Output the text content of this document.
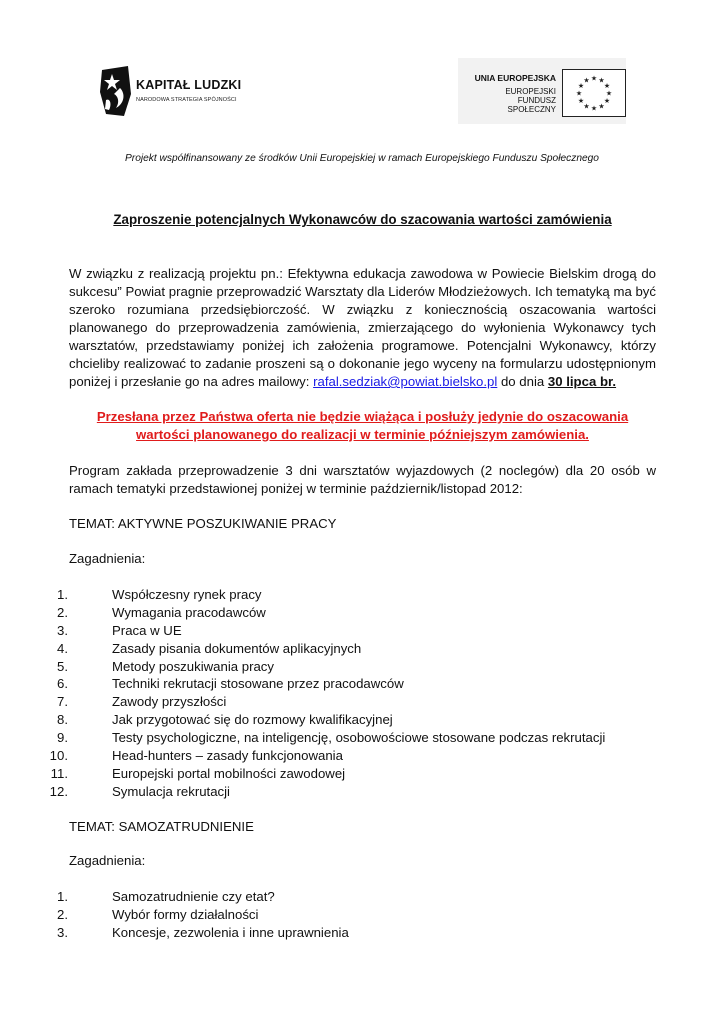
KAPITAŁ LUDZKI
NARODOWA STRATEGIA SPÓJNOŚCI
UNIA EUROPEJSKA
EUROPEJSKI
FUNDUSZ
SPOŁECZNY
★ ★
★
★
★
★
★
★
★
★
★
★
Projekt współfinansowany ze środków Unii Europejskiej w ramach Europejskiego Funduszu Społecznego
Zaproszenie potencjalnych Wykonawców do szacowania wartości zamówienia
W związku z realizacją projektu pn.: Efektywna edukacja zawodowa w Powiecie Bielskim drogą do sukcesu” Powiat pragnie przeprowadzić Warsztaty dla Liderów Młodzieżowych. Ich tematyką ma być szeroko rozumiana przedsiębiorczość. W związku z koniecznością oszacowania wartości planowanego do przeprowadzenia zamówienia, zmierzającego do wyłonienia Wykonawcy tych warsztatów, przedstawiamy poniżej ich założenia programowe. Potencjalni Wykonawcy, którzy chcieliby realizować to zadanie proszeni są o dokonanie jego wyceny na formularzu udostępnionym poniżej i przesłanie go na adres mailowy: rafal.sedziak@powiat.bielsko.pl do dnia 30 lipca br.
Przesłana przez Państwa oferta nie będzie wiążąca i posłuży jedynie do oszacowania wartości planowanego do realizacji w terminie późniejszym zamówienia.
Program zakłada przeprowadzenie 3 dni warsztatów wyjazdowych (2 noclegów) dla 20 osób w ramach tematyki przedstawionej poniżej w terminie październik/listopad 2012:
TEMAT: AKTYWNE POSZUKIWANIE PRACY
Zagadnienia:
1.	Współczesny rynek pracy
2.	Wymagania pracodawców
3.	Praca w UE
4.	Zasady pisania dokumentów aplikacyjnych
5.	Metody poszukiwania pracy
6.	Techniki rekrutacji stosowane przez pracodawców
7.	Zawody przyszłości
8.	Jak przygotować się do rozmowy kwalifikacyjnej
9.	Testy psychologiczne, na inteligencję, osobowościowe stosowane podczas rekrutacji
10.	Head-hunters – zasady funkcjonowania
11.	Europejski portal mobilności zawodowej
12.	Symulacja rekrutacji
TEMAT: SAMOZATRUDNIENIE
Zagadnienia:
1.	Samozatrudnienie czy etat?
2.	Wybór formy działalności
3.	Koncesje, zezwolenia i inne uprawnienia
